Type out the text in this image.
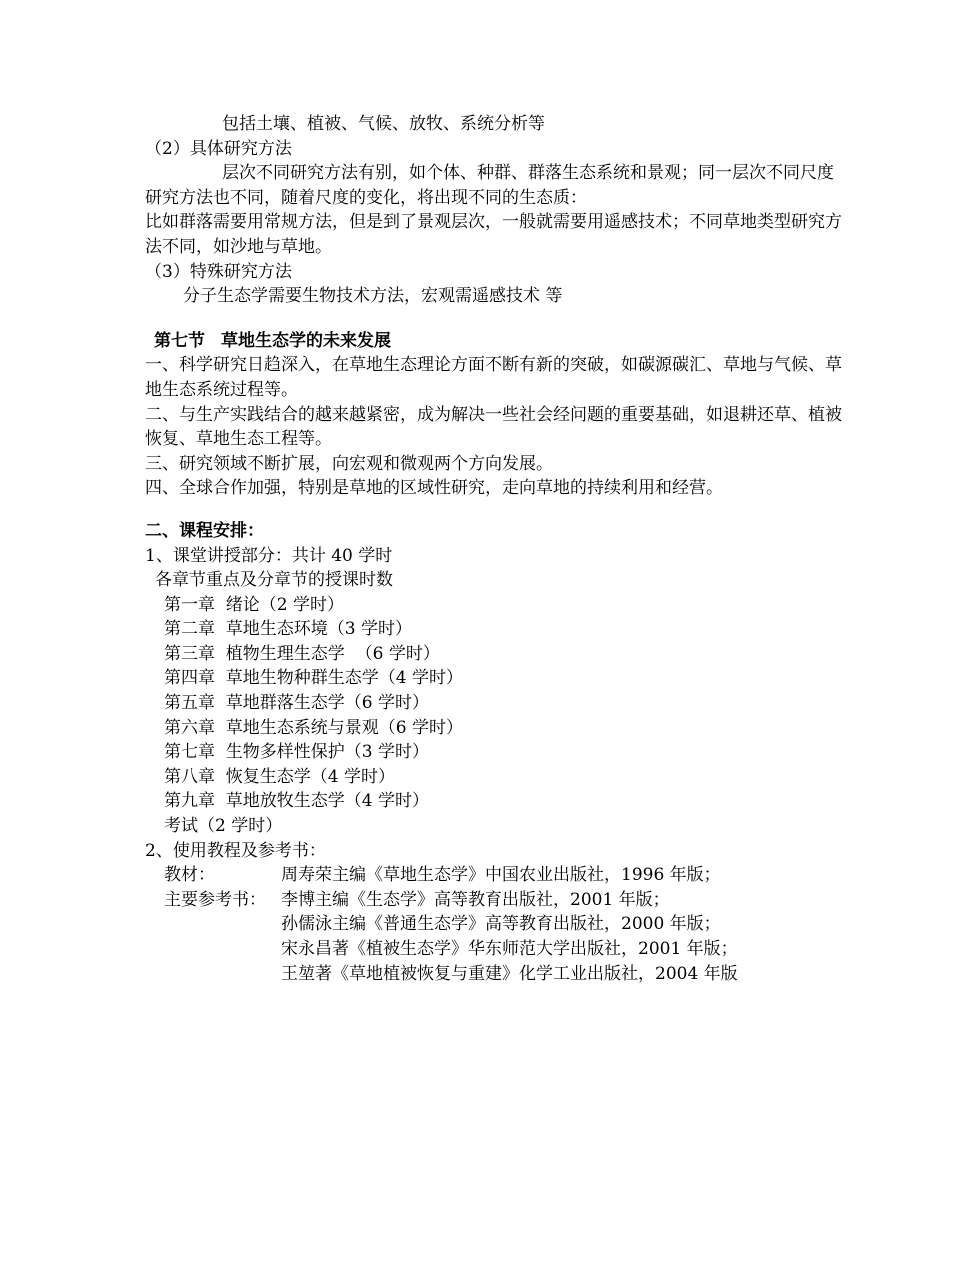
包括土壤、植被、气候、放牧、系统分析等

（2）具体研究方法

层次不同研究方法有别，如个体、种群、群落生态系统和景观；同一层次不同尺度研究方法也不同，随着尺度的变化，将出现不同的生态质：

比如群落需要用常规方法，但是到了景观层次，一般就需要用遥感技术；不同草地类型研究方法不同，如沙地与草地。

（3）特殊研究方法

分子生态学需要生物技术方法，宏观需遥感技术 等

第七节 草地生态学的未来发展

一、科学研究日趋深入，在草地生态理论方面不断有新的突破，如碳源碳汇、草地与气候、草地生态系统过程等。

二、与生产实践结合的越来越紧密，成为解决一些社会经问题的重要基础，如退耕还草、植被恢复、草地生态工程等。

三、研究领域不断扩展，向宏观和微观两个方向发展。

四、全球合作加强，特别是草地的区域性研究，走向草地的持续利用和经营。

二、课程安排：

1、课堂讲授部分：共计 40 学时

各章节重点及分章节的授课时数

第一章  绪论（2 学时）

第二章  草地生态环境（3 学时）

第三章  植物生理生态学  （6 学时）

第四章  草地生物种群生态学（4 学时）

第五章  草地群落生态学（6 学时）

第六章  草地生态系统与景观（6 学时）

第七章  生物多样性保护（3 学时）

第八章  恢复生态学（4 学时）

第九章  草地放牧生态学（4 学时）

考试（2 学时）

2、使用教程及参考书：

教材：	周寿荣主编《草地生态学》中国农业出版社，1996 年版；
主要参考书： 李博主编《生态学》高等教育出版社，2001 年版；
孙儒泳主编《普通生态学》高等教育出版社，2000 年版；
宋永昌著《植被生态学》华东师范大学出版社，2001 年版；
王堃著《草地植被恢复与重建》化学工业出版社，2004 年版
